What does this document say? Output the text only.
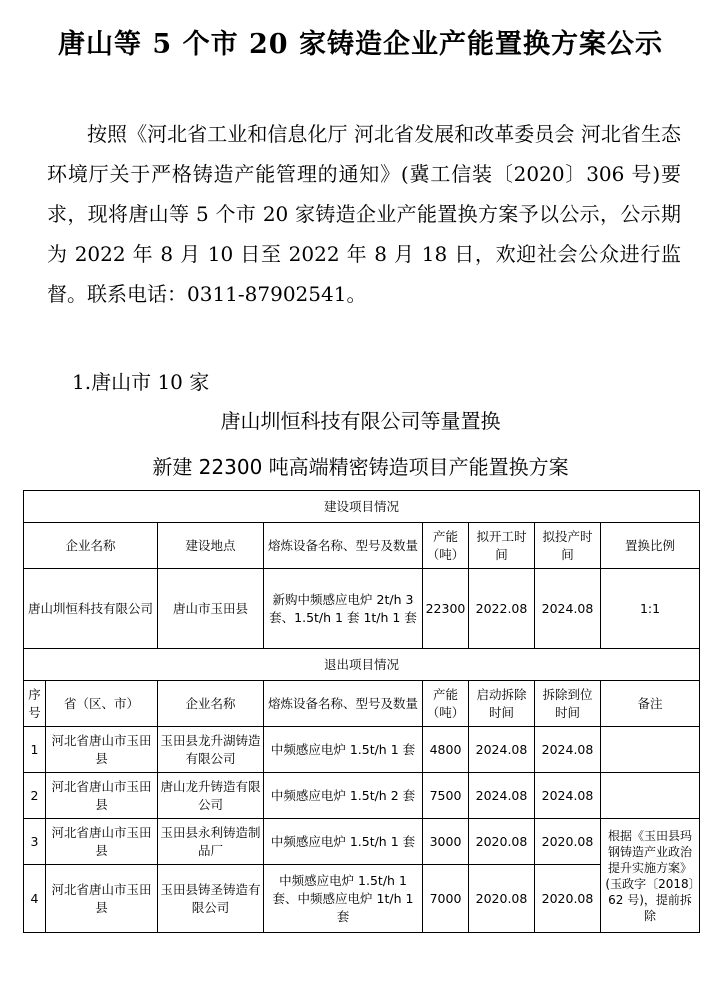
唐山等 5 个市 20 家铸造企业产能置换方案公示
按照《河北省工业和信息化厅 河北省发展和改革委员会 河北省生态环境厅关于严格铸造产能管理的通知》(冀工信装〔2020〕306 号)要求，现将唐山等 5 个市 20 家铸造企业产能置换方案予以公示，公示期为 2022 年 8 月 10 日至 2022 年 8 月 18 日，欢迎社会公众进行监督。联系电话：0311-87902541。
1.唐山市 10 家
唐山圳恒科技有限公司等量置换
新建 22300 吨高端精密铸造项目产能置换方案
建设项目情况							
企业名称		建设地点	熔炼设备名称、型号及数量	产能（吨）	拟开工时间	拟投产时间	置换比例
唐山圳恒科技有限公司		唐山市玉田县	新购中频感应电炉 2t/h 3 套、1.5t/h 1 套 1t/h 1 套	22300	2022.08	2024.08	1:1
退出项目情况							
序号	省（区、市）	企业名称	熔炼设备名称、型号及数量	产能（吨）	启动拆除时间	拆除到位时间	备注
1	河北省唐山市玉田县	玉田县龙升湖铸造有限公司	中频感应电炉 1.5t/h 1 套	4800	2024.08	2024.08	
2	河北省唐山市玉田县	唐山龙升铸造有限公司	中频感应电炉 1.5t/h 2 套	7500	2024.08	2024.08	
3	河北省唐山市玉田县	玉田县永利铸造制品厂	中频感应电炉 1.5t/h 1 套	3000	2020.08	2020.08	根据《玉田县玛钢铸造产业政治提升实施方案》(玉政字〔2018〕62 号)，提前拆除
4	河北省唐山市玉田县	玉田县铸圣铸造有限公司	中频感应电炉 1.5t/h 1 套、中频感应电炉 1t/h 1 套	7000	2020.08	2020.08	
